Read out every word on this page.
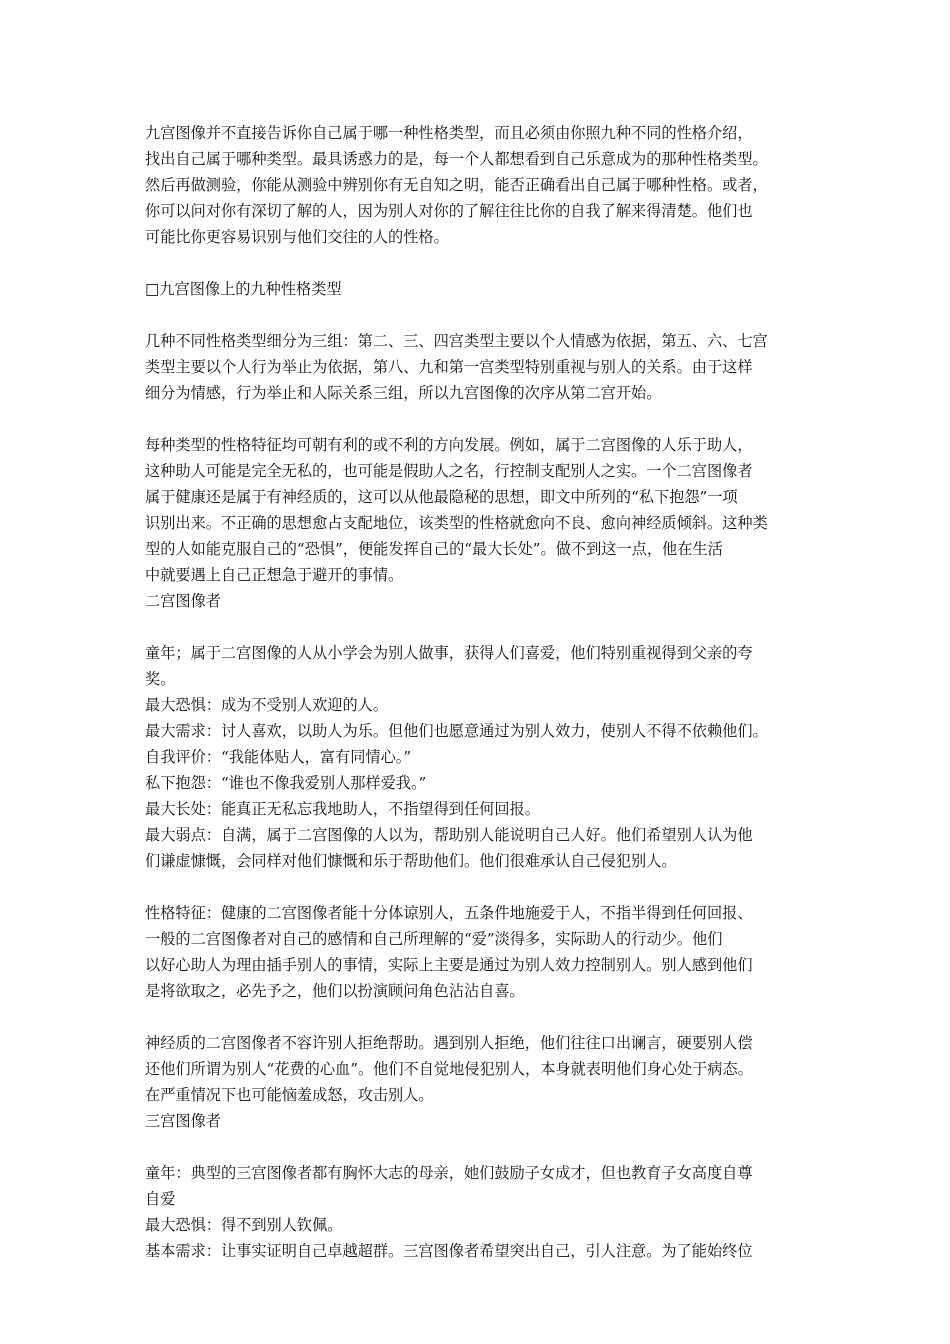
九宫图像并不直接告诉你自己属于哪一种性格类型，而且必须由你照九种不同的性格介绍，
找出自己属于哪种类型。最具诱惑力的是，每一个人都想看到自己乐意成为的那种性格类型。
然后再做测验，你能从测验中辨别你有无自知之明，能否正确看出自己属于哪种性格。或者，
你可以问对你有深切了解的人，因为别人对你的了解往往比你的自我了解来得清楚。他们也
可能比你更容易识别与他们交往的人的性格。
□九宫图像上的九种性格类型
几种不同性格类型细分为三组：第二、三、四宫类型主要以个人情感为依据，第五、六、七宫
类型主要以个人行为举止为依据，第八、九和第一宫类型特别重视与别人的关系。由于这样
细分为情感，行为举止和人际关系三组，所以九宫图像的次序从第二宫开始。
每种类型的性格特征均可朝有利的或不利的方向发展。例如，属于二宫图像的人乐于助人，
这种助人可能是完全无私的，也可能是假助人之名，行控制支配别人之实。一个二宫图像者
属于健康还是属于有神经质的，这可以从他最隐秘的思想，即文中所列的“私下抱怨”一项
识别出来。不正确的思想愈占支配地位，该类型的性格就愈向不良、愈向神经质倾斜。这种类
型的人如能克服自己的“恐惧”，便能发挥自己的“最大长处”。做不到这一点，他在生活
中就要遇上自己正想急于避开的事情。
二宫图像者
童年；属于二宫图像的人从小学会为别人做事，获得人们喜爱，他们特别重视得到父亲的夸
奖。
最大恐惧：成为不受别人欢迎的人。
最大需求：讨人喜欢，以助人为乐。但他们也愿意通过为别人效力，使别人不得不依赖他们。
自我评价：“我能体贴人，富有同情心。”
私下抱怨：“谁也不像我爱别人那样爱我。”
最大长处：能真正无私忘我地助人，不指望得到任何回报。
最大弱点：自满，属于二宫图像的人以为，帮助别人能说明自己人好。他们希望别人认为他
们谦虚慷慨，会同样对他们慷慨和乐于帮助他们。他们很难承认自己侵犯别人。
性格特征：健康的二宫图像者能十分体谅别人，五条件地施爱于人，不指半得到任何回报、
一般的二宫图像者对自己的感情和自己所理解的“爱”淡得多，实际助人的行动少。他们
以好心助人为理由插手别人的事情，实际上主要是通过为别人效力控制别人。别人感到他们
是将欲取之，必先予之，他们以扮演顾问角色沾沾自喜。
神经质的二宫图像者不容许别人拒绝帮助。遇到别人拒绝，他们往往口出谰言，硬要别人偿
还他们所谓为别人“花费的心血”。他们不自觉地侵犯别人，本身就表明他们身心处于病态。
在严重情况下也可能恼羞成怒，攻击别人。
三宫图像者
童年：典型的三宫图像者都有胸怀大志的母亲，她们鼓励子女成才，但也教育子女高度自尊
自爱
最大恐惧：得不到别人钦佩。
基本需求：让事实证明自己卓越超群。三宫图像者希望突出自己，引人注意。为了能始终位
